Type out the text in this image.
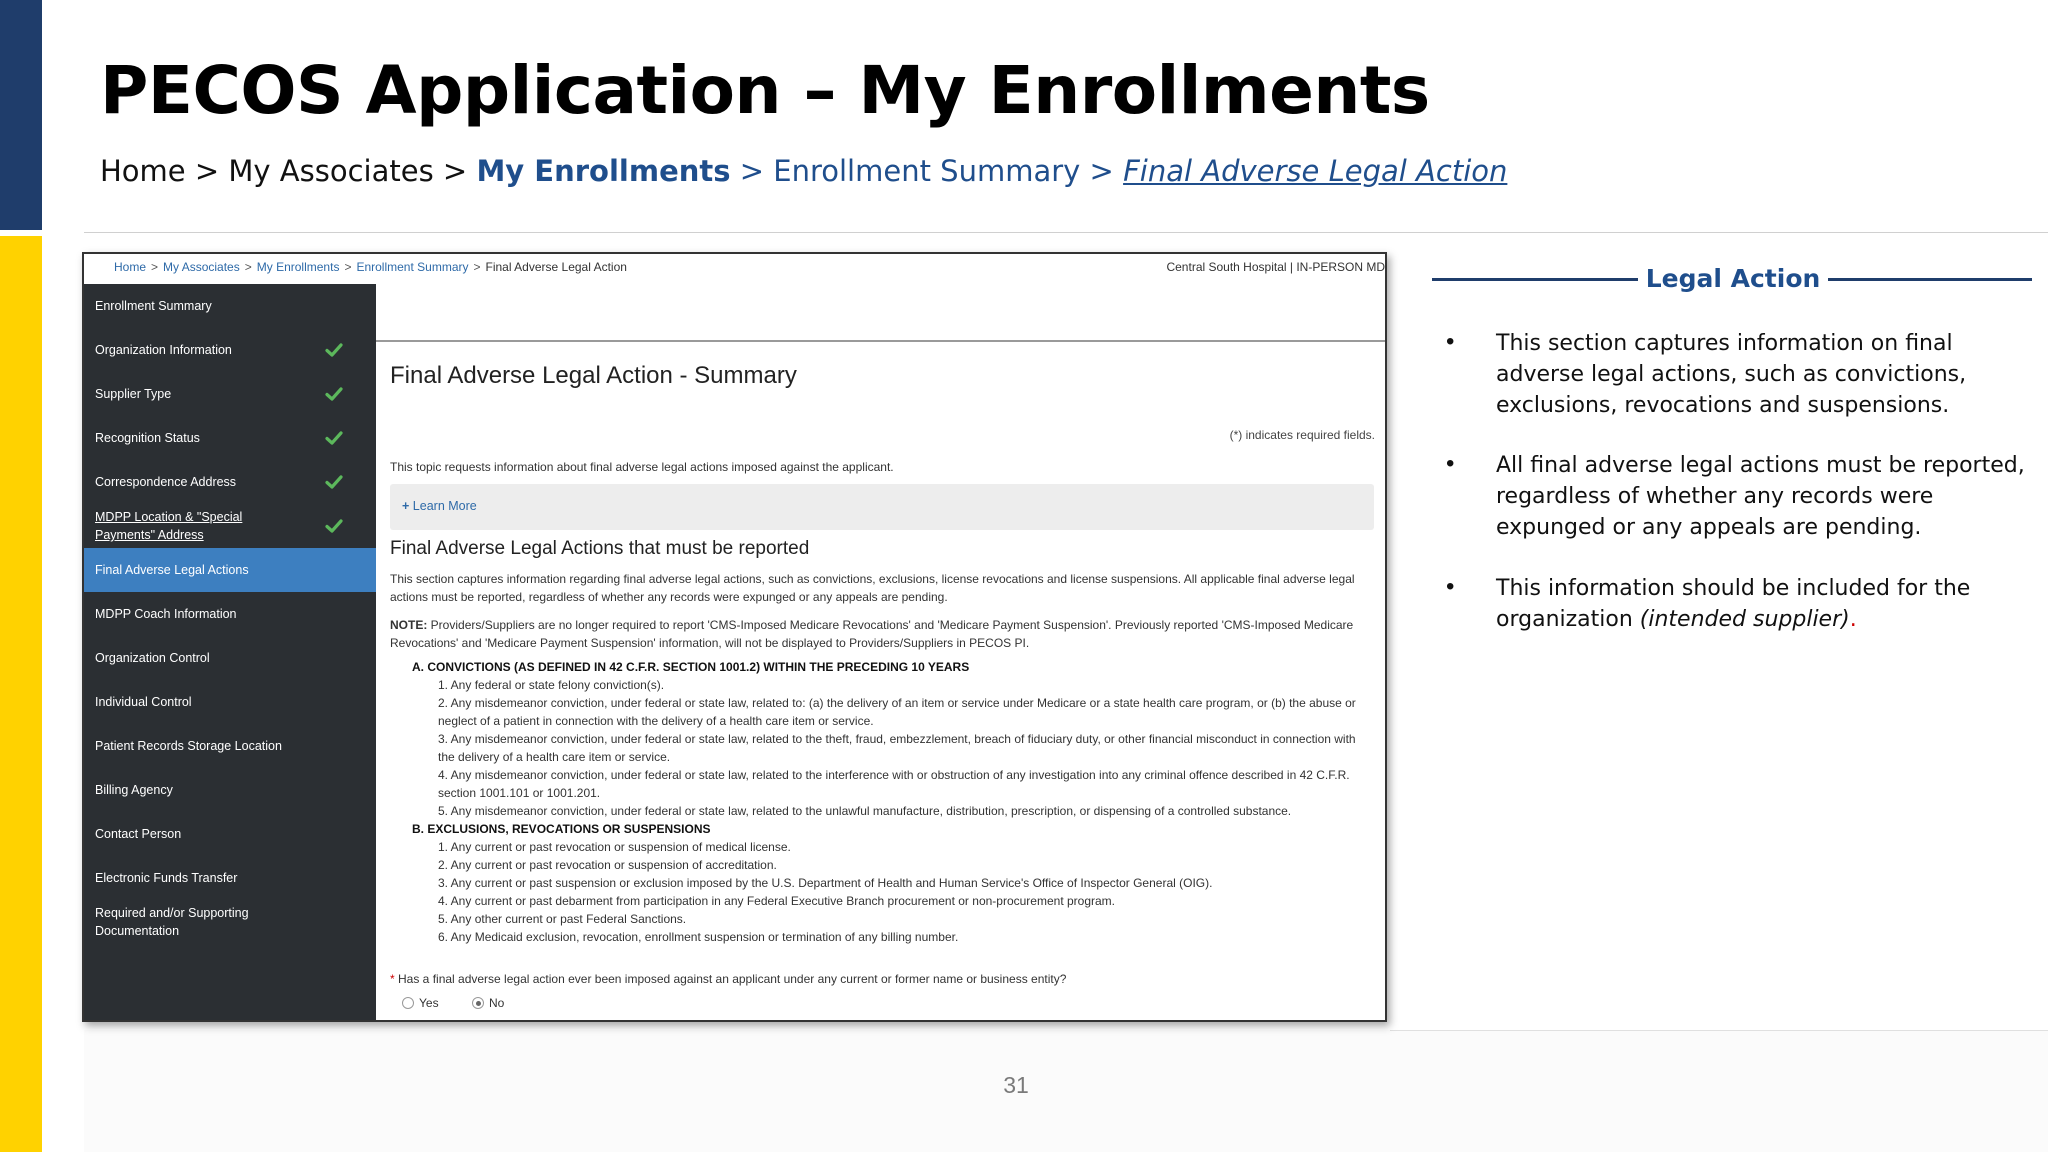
PECOS Application – My Enrollments
Home > My Associates > My Enrollments > Enrollment Summary > Final Adverse Legal Action
31
Home > My Associates > My Enrollments > Enrollment Summary > Final Adverse Legal Action	Central South Hospital | IN-PERSON MD
Enrollment Summary
Organization Information
Supplier Type
Recognition Status
Correspondence Address
MDPP Location & "Special Payments" Address
Final Adverse Legal Actions
MDPP Coach Information
Organization Control
Individual Control
Patient Records Storage Location
Billing Agency
Contact Person
Electronic Funds Transfer
Required and/or Supporting Documentation
Final Adverse Legal Action - Summary
(*) indicates required fields.
This topic requests information about final adverse legal actions imposed against the applicant.
+ Learn More
Final Adverse Legal Actions that must be reported
This section captures information regarding final adverse legal actions, such as convictions, exclusions, license revocations and license suspensions. All applicable final adverse legal actions must be reported, regardless of whether any records were expunged or any appeals are pending.
NOTE: Providers/Suppliers are no longer required to report 'CMS-Imposed Medicare Revocations' and 'Medicare Payment Suspension'. Previously reported 'CMS-Imposed Medicare Revocations' and 'Medicare Payment Suspension' information, will not be displayed to Providers/Suppliers in PECOS PI.
A. CONVICTIONS (AS DEFINED IN 42 C.F.R. SECTION 1001.2) WITHIN THE PRECEDING 10 YEARS
1. Any federal or state felony conviction(s).
2. Any misdemeanor conviction, under federal or state law, related to: (a) the delivery of an item or service under Medicare or a state health care program, or (b) the abuse or neglect of a patient in connection with the delivery of a health care item or service.
3. Any misdemeanor conviction, under federal or state law, related to the theft, fraud, embezzlement, breach of fiduciary duty, or other financial misconduct in connection with the delivery of a health care item or service.
4. Any misdemeanor conviction, under federal or state law, related to the interference with or obstruction of any investigation into any criminal offence described in 42 C.F.R. section 1001.101 or 1001.201.
5. Any misdemeanor conviction, under federal or state law, related to the unlawful manufacture, distribution, prescription, or dispensing of a controlled substance.
B. EXCLUSIONS, REVOCATIONS OR SUSPENSIONS
1. Any current or past revocation or suspension of medical license.
2. Any current or past revocation or suspension of accreditation.
3. Any current or past suspension or exclusion imposed by the U.S. Department of Health and Human Service's Office of Inspector General (OIG).
4. Any current or past debarment from participation in any Federal Executive Branch procurement or non-procurement program.
5. Any other current or past Federal Sanctions.
6. Any Medicaid exclusion, revocation, enrollment suspension or termination of any billing number.
* Has a final adverse legal action ever been imposed against an applicant under any current or former name or business entity?
Yes	No
Legal Action
• This section captures information on final adverse legal actions, such as convictions, exclusions, revocations and suspensions.
• All final adverse legal actions must be reported, regardless of whether any records were expunged or any appeals are pending.
• This information should be included for the organization (intended supplier).
